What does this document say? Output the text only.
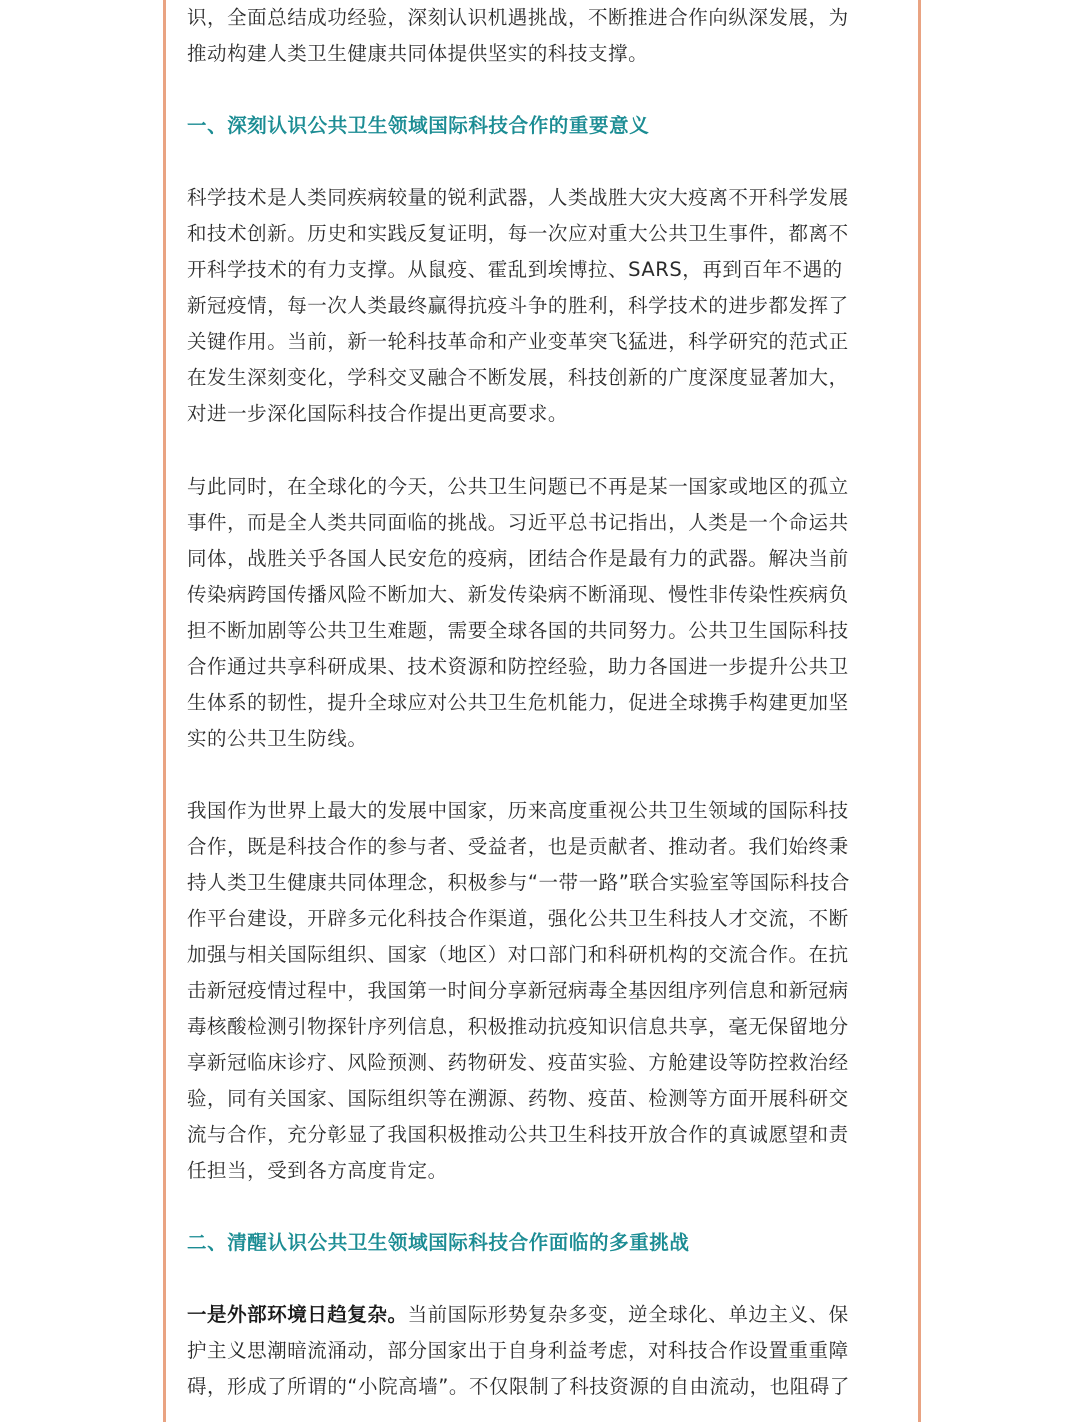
识，全面总结成功经验，深刻认识机遇挑战，不断推进合作向纵深发展，为
推动构建人类卫生健康共同体提供坚实的科技支撑。
一、深刻认识公共卫生领域国际科技合作的重要意义
科学技术是人类同疾病较量的锐利武器，人类战胜大灾大疫离不开科学发展
和技术创新。历史和实践反复证明，每一次应对重大公共卫生事件，都离不
开科学技术的有力支撑。从鼠疫、霍乱到埃博拉、SARS，再到百年不遇的
新冠疫情，每一次人类最终赢得抗疫斗争的胜利，科学技术的进步都发挥了
关键作用。当前，新一轮科技革命和产业变革突飞猛进，科学研究的范式正
在发生深刻变化，学科交叉融合不断发展，科技创新的广度深度显著加大，
对进一步深化国际科技合作提出更高要求。
与此同时，在全球化的今天，公共卫生问题已不再是某一国家或地区的孤立
事件，而是全人类共同面临的挑战。习近平总书记指出，人类是一个命运共
同体，战胜关乎各国人民安危的疫病，团结合作是最有力的武器。解决当前
传染病跨国传播风险不断加大、新发传染病不断涌现、慢性非传染性疾病负
担不断加剧等公共卫生难题，需要全球各国的共同努力。公共卫生国际科技
合作通过共享科研成果、技术资源和防控经验，助力各国进一步提升公共卫
生体系的韧性，提升全球应对公共卫生危机能力，促进全球携手构建更加坚
实的公共卫生防线。
我国作为世界上最大的发展中国家，历来高度重视公共卫生领域的国际科技
合作，既是科技合作的参与者、受益者，也是贡献者、推动者。我们始终秉
持人类卫生健康共同体理念，积极参与“一带一路”联合实验室等国际科技合
作平台建设，开辟多元化科技合作渠道，强化公共卫生科技人才交流，不断
加强与相关国际组织、国家（地区）对口部门和科研机构的交流合作。在抗
击新冠疫情过程中，我国第一时间分享新冠病毒全基因组序列信息和新冠病
毒核酸检测引物探针序列信息，积极推动抗疫知识信息共享，毫无保留地分
享新冠临床诊疗、风险预测、药物研发、疫苗实验、方舱建设等防控救治经
验，同有关国家、国际组织等在溯源、药物、疫苗、检测等方面开展科研交
流与合作，充分彰显了我国积极推动公共卫生科技开放合作的真诚愿望和责
任担当，受到各方高度肯定。
二、清醒认识公共卫生领域国际科技合作面临的多重挑战
一是外部环境日趋复杂。当前国际形势复杂多变，逆全球化、单边主义、保
护主义思潮暗流涌动，部分国家出于自身利益考虑，对科技合作设置重重障
碍，形成了所谓的“小院高墙”。不仅限制了科技资源的自由流动，也阻碍了
